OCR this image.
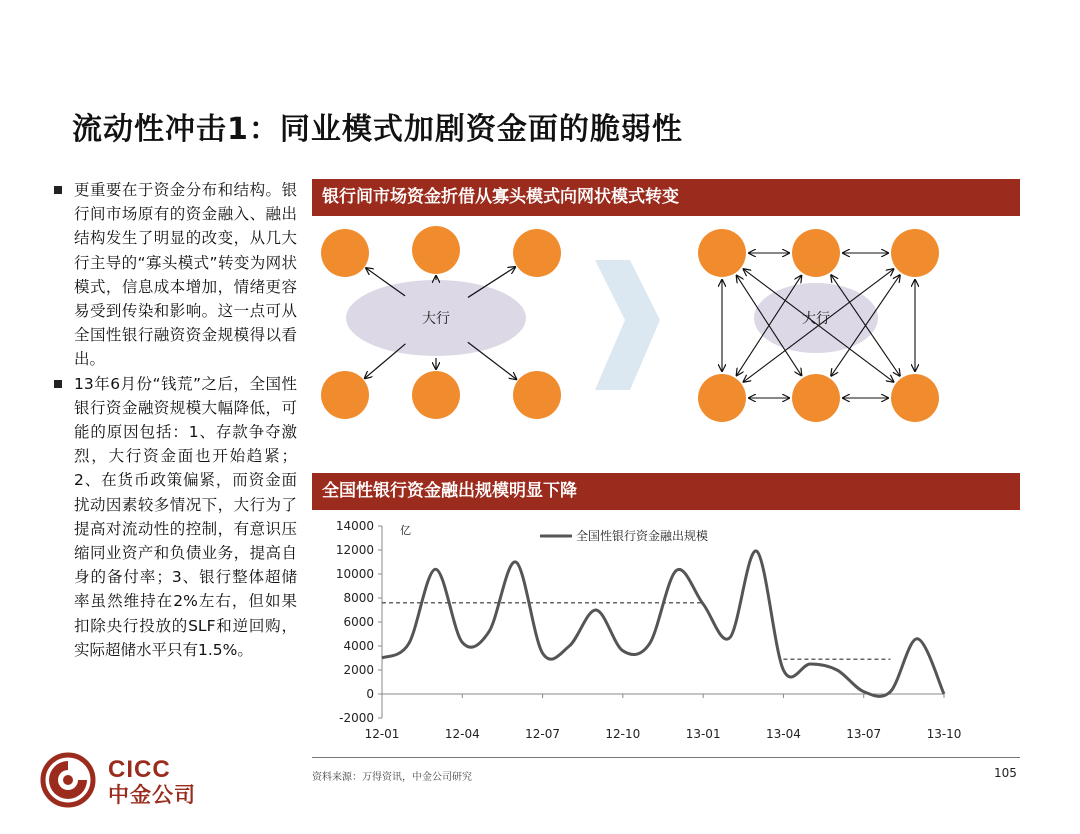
流动性冲击1：同业模式加剧资金面的脆弱性
更重要在于资金分布和结构。银行间市场原有的资金融入、融出结构发生了明显的改变，从几大行主导的“寡头模式”转变为网状模式，信息成本增加，情绪更容易受到传染和影响。这一点可从全国性银行融资资金规模得以看出。
13年6月份“钱荒”之后，全国性银行资金融资规模大幅降低，可能的原因包括：1、存款争夺激烈，大行资金面也开始趋紧；2、在货币政策偏紧，而资金面扰动因素较多情况下，大行为了提高对流动性的控制，有意识压缩同业资产和负债业务，提高自身的备付率；3、银行整体超储率虽然维持在2%左右，但如果扣除央行投放的SLF和逆回购，实际超储水平只有1.5%。
银行间市场资金折借从寡头模式向网状模式转变
大行	大行
全国性银行资金融出规模明显下降
14000
12000
10000
8000
6000
4000
2000
0
-2000
12-01	12-04	12-07	12-10	13-01	13-04	13-07	13-10
亿	全国性银行资金融出规模
资料来源：万得资讯，中金公司研究	105
CICC
中金公司
